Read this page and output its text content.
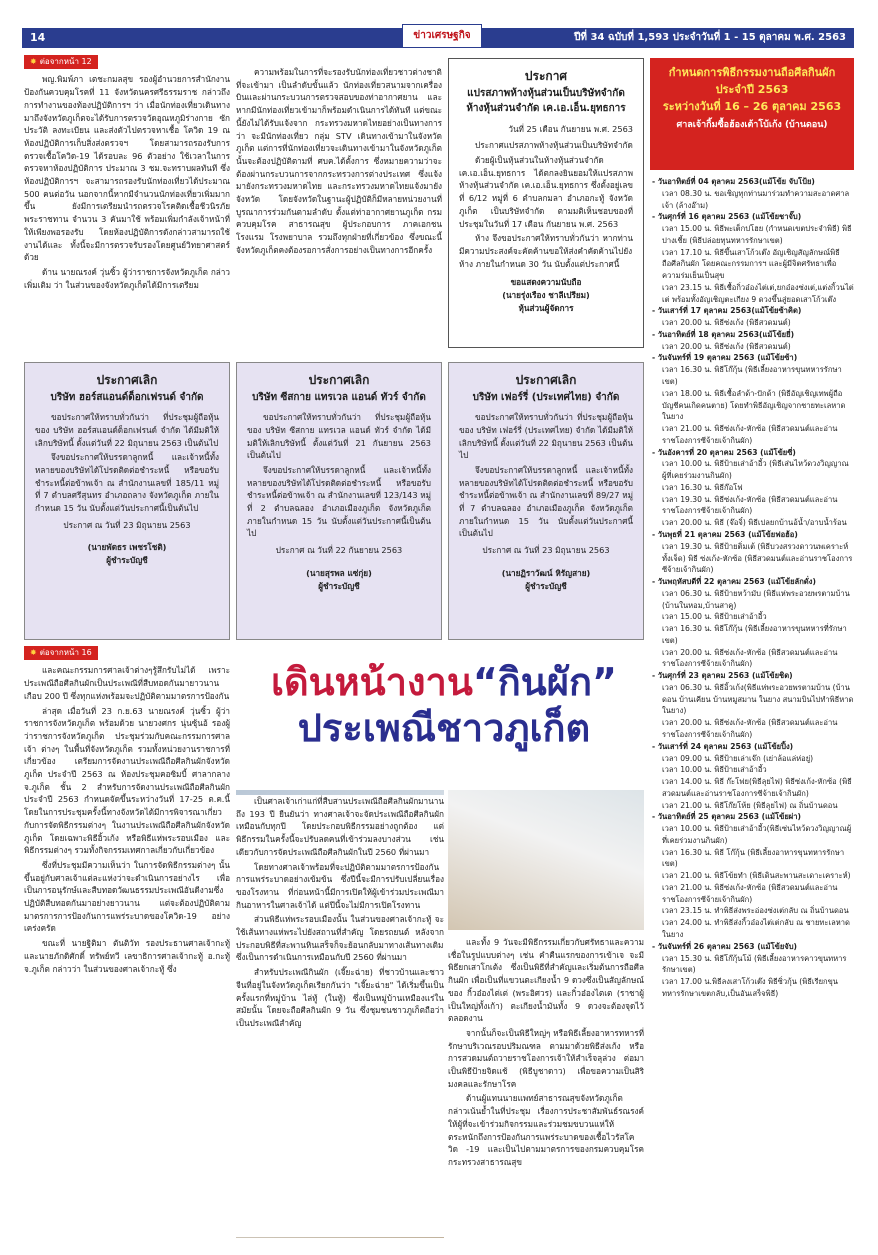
14	ข่าวเศรษฐกิจ	ปีที่ 34 ฉบับที่ 1,593 ประจำวันที่ 1 - 15 ตุลาคม พ.ศ. 2563
✸ ต่อจากหน้า 12

พญ.พิมพ์ภา เตชะกมลสุข รองผู้อำนวยการสำนักงานป้องกันควบคุมโรคที่ 11 จังหวัดนครศรีธรรมราช กล่าวถึงการทำงานของท้องปฏิบัติการฯ ว่า เมื่อนักท่องเที่ยวเดินทางมาถึงจังหวัดภูเก็ตจะได้รับการตรวจวัดอุณหภูมิร่างกาย ซักประวัติ ลงทะเบียน และส่งตัวไปตรวจหาเชื้อ โควิด 19 ณ ห้องปฏิบัติการเก็บสิ่งส่งตรวจฯ โดยสามารถรองรับการตรวจเชื้อโควิด-19 ได้รอบละ 96 ตัวอย่าง ใช้เวลาในการตรวจหาห้องปฏิบัติการ ประมาณ 3 ชม.จะทราบผลทันที ซึ่งห้องปฏิบัติการฯ จะสามารถรองรับนักท่องเที่ยวได้ประมาณ 500 คนต่อวัน นอกจากนี้หากมีจำนวนนักท่องเที่ยวเพิ่มมากขึ้น ยังมีการเตรียมนำรถตรวจโรคติดเชื้อชีวนิรภัยพระราชทาน จำนวน 3 คันมาใช้ พร้อมเพิ่มกำลังเจ้าหน้าที่ให้เพียงพอรองรับ โดยห้องปฏิบัติการดังกล่าวสามารถใช้งานได้และ ทั้งนี้จะมีการตรวจรับรองโดยศูนย์วิทยาศาสตร์ด้วย

ด้าน นายณรงค์ วุ่นซิ้ว ผู้ว่าราชการจังหวัดภูเก็ต กล่าวเพิ่มเติม ว่า ในส่วนของจังหวัดภูเก็ตได้มีการเตรียม

ความพร้อมในการที่จะรองรับนักท่องเที่ยวชาวต่างชาติที่จะเข้ามา เป็นลำดับขั้นแล้ว นักท่องเที่ยวสนามจากเครื่องบินและผ่านกระบวนการตรวจสอบของท่าอากาศยาน และหากมีนักท่องเที่ยวเข้ามาก็พร้อมดำเนินการได้ทันที แต่ขณะนี้ยังไม่ได้รับแจ้งจาก กระทรวงมหาดไทยอย่างเป็นทางการว่า จะมีนักท่องเที่ยว กลุ่ม STV เดินทางเข้ามาในจังหวัดภูเก็ต แต่การที่นักท่องเที่ยวจะเดินทางเข้ามาในจังหวัดภูเก็ตนั้นจะต้องปฏิบัติตามที่ ศบค.ได้ตั้งการ ซึ่งหมายความว่าจะต้องผ่านกระบวนการจากกระทรวงการต่างประเทศ ซึ่งแจ้งมายังกระทรวงมหาดไทย และกระทรวงมหาดไทยแจ้งมายังจังหวัด โดยจังหวัดในฐานะผู้ปฏิบัติก็มีหลายหน่วยงานที่บูรณาการร่วมกันตามลำดับ ตั้งแต่ท่าอากาศยานภูเก็ต กรมควบคุมโรค สาธารณสุข ผู้ประกอบการ ภาคเอกชน โรงแรม โรงพยาบาล รวมถึงทุกฝ่ายที่เกี่ยวข้อง ซึ่งขณะนี้จังหวัดภูเก็ตคงต้องรอการสั่งการอย่างเป็นทางการอีกครั้ง

ประกาศ
แปรสภาพห้างหุ้นส่วนเป็นบริษัทจำกัด
ห้างหุ้นส่วนจำกัด เค.เอ.เอ็น.ยุทธการ
วันที่ 25 เดือน กันยายน พ.ศ. 2563

ประกาศแปรสภาพห้างหุ้นส่วนเป็นบริษัทจำกัด

ด้วยผู้เป็นหุ้นส่วนในห้างหุ้นส่วนจำกัด เค.เอ.เอ็น.ยุทธการ ได้ตกลงยินยอมให้แปรสภาพห้างหุ้นส่วนจำกัด เค.เอ.เอ็น.ยุทธการ ซึ่งตั้งอยู่เลขที่ 6/12 หมู่ที่ 6 ตำบลกมลา อำเภอกะทู้ จังหวัดภูเก็ต เป็นบริษัทจำกัด ตามมติเห็นชอบของที่ประชุมในวันที่ 17 เดือน กันยายน พ.ศ. 2563

ห้าง จึงขอประกาศให้ทราบทั่วกันว่า หากท่านมีความประสงค์จะคัดค้านขอให้ส่งคำคัดค้านไปยังห้าง ภายในกำหนด 30 วัน นับตั้งแต่ประกาศนี้

ขอแสดงความนับถือ
(นายรุ่งเรือง ชาลีเปรียม)
หุ้นส่วนผู้จัดการ
ประกาศเลิก
บริษัท ฮอร์สแอนด์ด็อกเฟรนด์ จำกัด

ขอประกาศให้ทราบทั่วกันว่า ที่ประชุมผู้ถือหุ้นของ บริษัท ฮอร์สแอนด์ด็อกเฟรนด์ จำกัด ได้มีมติให้เลิกบริษัทนี้ ตั้งแต่วันที่ 22 มิถุนายน 2563 เป็นต้นไป

จึงขอประกาศให้บรรดาลูกหนี้ และเจ้าหนี้ทั้งหลายของบริษัทได้โปรดติดต่อชำระหนี้ หรือขอรับชำระหนี้ต่อข้าพเจ้า ณ สำนักงานเลขที่ 185/11 หมู่ที่ 7 ตำบลศรีสุนทร อำเภอถลาง จังหวัดภูเก็ต ภายในกำหนด 15 วัน นับตั้งแต่วันประกาศนี้เป็นต้นไป

ประกาศ ณ วันที่ 23 มิถุนายน 2563
(นายพัดธร เพชรโชติ)
ผู้ชำระบัญชี
ประกาศเลิก
บริษัท ซีสกาย แทรเวล แอนด์ ทัวร์ จำกัด

ขอประกาศให้ทราบทั่วกันว่า ที่ประชุมผู้ถือหุ้นของ บริษัท ซีสกาย แทรเวล แอนด์ ทัวร์ จำกัด ได้มีมติให้เลิกบริษัทนี้ ตั้งแต่วันที่ 21 กันยายน 2563 เป็นต้นไป

จึงขอประกาศให้บรรดาลูกหนี้ และเจ้าหนี้ทั้งหลายของบริษัทได้โปรดติดต่อชำระหนี้ หรือขอรับชำระหนี้ต่อข้าพเจ้า ณ สำนักงานเลขที่ 123/143 หมู่ที่ 2 ตำบลฉลอง อำเภอเมืองภูเก็ต จังหวัดภูเก็ต ภายในกำหนด 15 วัน นับตั้งแต่วันประกาศนี้เป็นต้นไป

ประกาศ ณ วันที่ 22 กันยายน 2563
(นายสุรพล แซ่กุ่ย)
ผู้ชำระบัญชี
ประกาศเลิก
บริษัท เฟอร์รี่ (ประเทศไทย) จำกัด

ขอประกาศให้ทราบทั่วกันว่า ที่ประชุมผู้ถือหุ้นของ บริษัท เฟอร์รี่ (ประเทศไทย) จำกัด ได้มีมติให้เลิกบริษัทนี้ ตั้งแต่วันที่ 22 มิถุนายน 2563 เป็นต้นไป

จึงขอประกาศให้บรรดาลูกหนี้ และเจ้าหนี้ทั้งหลายของบริษัทได้โปรดติดต่อชำระหนี้ หรือขอรับชำระหนี้ต่อข้าพเจ้า ณ สำนักงานเลขที่ 89/27 หมู่ที่ 7 ตำบลฉลอง อำเภอเมืองภูเก็ต จังหวัดภูเก็ต ภายในกำหนด 15 วัน นับตั้งแต่วันประกาศนี้เป็นต้นไป

ประกาศ ณ วันที่ 23 มิถุนายน 2563
(นายฏิราวัฒน์ หิรัญสาย)
ผู้ชำระบัญชี
กำหนดการพิธีกรรมงานถือศีลกินผัก
ประจำปี 2563
ระหว่างวันที่ 16 – 26 ตุลาคม 2563
ศาลเจ้ากิ้มซื้อฮ้องเต้าโบ้เก้ง (บ้านดอน)
- วันอาทิตย์ที่ 04 ตุลาคม 2563(แม้โข้ย จับโป้ย)
เวลา 08.30 น. ขอเชิญทุกท่านมาร่วมทำความสะอาดศาลเจ้า (ล้างอ๊าม)
- วันศุกร์ที่ 16 ตุลาคม 2563 (แม้โข้ยชาจั๊บ)
เวลา 15.00 น. พิธีพะเต็กปโฮย (กำหนดเขตประจำพิธี) พิธีปางเชี้ย (พิธีปล่อยทุนทหารรักษาเขต)
เวลา 17.10 น. พิธีขึ้นเสาโก้วเต๊ง อัญเชิญสัญลักษณ์พิธีถือศีลกินผัก โดยคณะกรรมการฯ และผู้มีจิตศรัทธาเพื่อความร่มเย็นเป็นสุข
เวลา 23.15 น. พิธีเชื้อกิ่วอ๋องไต่เต่,ยกอ๋องซ่งเต่,แต่งกิ้วนไต่เต่ พร้อมทั้งอัญเชิญตะเกียง 9 ดวงขึ้นสู่ยอดเสาโก้วเต๊ง
- วันเสาร์ที่ 17 ตุลาคม 2563(แม้โข้ยซ้าคิด)
เวลา 20.00 น. พิธีซ่งเก้ง (พิธีสวดมนต์)
- วันอาทิตย์ที่ 18 ตุลาคม 2563(แม้โข้ยยี่)
เวลา 20.00 น. พิธีซ่งเก้ง (พิธีสวดมนต์)
- วันจันทร์ที่ 19 ตุลาคม 2563 (แม้โข้ยซ้า)
เวลา 16.30 น. พิธีโก๊กุ้น (พิธีเลี้ยงอาหารขุนทหารรักษาเขต)
เวลา 18.00 น. พิธีเชื้อลำด้า-ปักด้า (พิธีอัญเชิญเทพผู้ถือบัญชีคนเกิดคนตาย) โดยทำพิธีอัญเชิญจากชายทะเลหาดในยาง
เวลา 21.00 น. พิธีซ่งเก้ง-หักซ้อ (พิธีสวดมนต์และอ่านราชโองการซีจ้ายเจ้ากินผัก)
- วันอังคารที่ 20 ตุลาคม 2563 (แม้โข้ยซี่)
เวลา 10.00 น. พิธีป้ายเส่าอ้าอี้ว (พิธีเส่นไหว้ดวงวิญญาณ ผู้ที่เคยร่วมงานกินผัก)
เวลา 16.30 น. พิธีก๊อโฟ
เวลา 19.30 น. พิธีซ่งเก้ง-หักซ้อ (พิธีสวดมนต์และอ่านราชโองการซีจ้ายเจ้ากินผัก)
เวลา 20.00 น. พิธี (จ๊อจิ๋) พิธีเปลยกบ้านอ้น้ำ/อาบน้ำร้อน
- วันพุธที่ 21 ตุลาคม 2563 (แม้โข้ยฟอฮ้อ)
เวลา 19.30 น. พิธีป้ายติ่มเต้ (พิธีบวงสรวงดาวนพเคราะห์ทั้งเจ็ด) พิธี ซ่งเก้ง-หักซ้อ (พิธีสวดมนต์และอ่านราชโองการซีจ้ายเจ้ากินผัก)
- วันพฤหัสบดีที่ 22 ตุลาคม 2563 (แม้โข้ยลักดั่ง)
เวลา 06.30 น. พิธีป้ายหว้ามับ (พิธีแห่พระอวยพรตามบ้าน (บ้านในหอม,บ้านสาคู)
เวลา 15.00 น. พิธีป้ายเส่าอ้าอี้ว
เวลา 16.30 น. พิธีโก๊กุ้น (พิธีเลี้ยงอาหารขุนทหารที่รักษาเขต)
เวลา 20.00 น. พิธีซ่งเก้ง-หักซ้อ (พิธีสวดมนต์และอ่านราชโองการซีจ้ายเจ้ากินผัก)
- วันศุกร์ที่ 23 ตุลาคม 2563 (แม้โข้ยชิด)
เวลา 06.30 น. พิธีอิ้วเก้ง(พิธีแห่พระอวยพรตามบ้าน (บ้านดอน บ้านเคียน บ้านหมูสมาน ในยาง สนามบินไปทำพิธีหาดในยาง)
เวลา 20.00 น. พิธีซ่งเก้ง-หักซ้อ (พิธีสวดมนต์และอ่านราชโองการซีจ้ายเจ้ากินผัก)
- วันเสาร์ที่ 24 ตุลาคม 2563 (แม้โข้ยปิ้ง)
เวลา 09.00 น. พิธีป้ายเล่าเจ๊ก (เย่าล้อแล่ห่อยู่)
เวลา 10.00 น. พิธีป้ายเส่าอ้าอี้ว
เวลา 14.00 น. พิธี ก๊ะโฟย(พิธีลุยไฟ) พิธีซ่งเก้ง-หักซ้อ (พิธีสวดมนต์และอ่านราชโองการซีจ้ายเจ้ากินผัก)
เวลา 21.00 น. พิธีโก๊ยโห้ย (พิธีลุยไฟ) ณ ถิ่นบ้านดอน
- วันอาทิตย์ที่ 25 ตุลาคม 2563 (แม้โข้ยผ่า)
เวลา 10.00 น. พิธีป้ายเส่าอ้าอี้ว(พิธีเซ่นไหว้ดวงวิญญาณผู้ที่เคยร่วมงานกินผัก)
เวลา 16.30 น. พิธี โก๊กุ้น (พิธีเลี้ยงอาหารขุนทหารรักษาเขต)
เวลา 21.00 น. พิธีโข้ยทำ (พิธีเดินสะพานสะเดาะเคราะห์)
เวลา 21.00 น. พิธีซ่งเก้ง-หักซ้อ (พิธีสวดมนต์และอ่านราชโองการซีจ้ายเจ้ากินผัก)
เวลา 23.15 น. ทำพิธีส่งพระอ่องซ่งเต่กลับ ณ ถิ่นบ้านดอน
เวลา 24.00 น. ทำพิธีส่งกิ้วอ๋องไต่เต่กลับ ณ ชายทะเลหาดในยาง
- วันจันทร์ที่ 26 ตุลาคม 2563 (แม้โข้ยจับ)
เวลา 15.30 น. พิธีโก๊กุ้นโม้ (พิธีเลี้ยงอาหารคาวขุนทหารรักษาเขต)
เวลา 17.00 น.พิธีลงเสาโก้วเต๊ง พิธีซิ่วกุ้น (พิธีเรียกขุนทหารรักษาเขตกลับ,เป็นอันเสร็จพิธี)
✸ ต่อจากหน้า 16

และคณะกรรมการศาลเจ้าต่างๆรู้สึกรับไม่ได้ เพราะประเพณีถือศีลกินผักเป็นประเพณีที่สืบทอดกันมายาวนานเกือบ 200 ปี ซึ่งทุกแห่งพร้อมจะปฏิบัติตามมาตรการป้องกัน

ล่าสุด เมื่อวันที่ 23 ก.ย.63 นายณรงค์ วุ่นซิ้ว ผู้ว่าราชการจังหวัดภูเก็ต พร้อมด้วย นายวงศกร นุ่นซุ้นอ้ รองผู้ว่าราชการจังหวัดภูเก็ต ประชุมร่วมกับคณะกรรมการศาลเจ้า ต่างๆ ในพื้นที่จังหวัดภูเก็ต รวมทั้งหน่วยงานราชการที่เกี่ยวข้อง เตรียมการจัดงานประเพณีถือศีลกินผักจังหวัดภูเก็ต ประจำปี 2563 ณ ห้องประชุมคอซิมบี้ ศาลากลาง จ.ภูเก็ต ชั้น 2 สำหรับการจัดงานประเพณีถือศีลกินผักประจำปี 2563 กำหนดจัดขึ้นระหว่างวันที่ 17-25 ต.ค.นี้ โดยในการประชุมครั้งนี้ทางจังหวัดได้มีการพิจารณาเกี่ยวกับการจัดพิธีกรรมต่างๆ ในงานประเพณีถือศีลกินผักจังหวัดภูเก็ต โดยเฉพาะพิธีอิ้วเก้ง หรือพิธีแห่พระรอบเมือง และพิธีกรรมต่างๆ รวมทั้งกิจกรรมเทศกาลเกี่ยวกับเกี่ยวข้อง

ซึ่งที่ประชุมมีความเห็นว่า ในการจัดพิธีกรรมต่างๆ นั้นขึ้นอยู่กับศาลเจ้าแต่ละแห่งว่าจะดำเนินการอย่างไร เพื่อเป็นการอนุรักษ์และสืบทอดวัฒนธรรมประเพณีอันดีงามซึ่งปฏิบัติสืบทอดกันมาอย่างยาวนาน แต่จะต้องปฏิบัติตามมาตรการการป้องกันการแพร่ระบาดของโควิด-19 อย่างเคร่งครัด

ขณะที่ นายฐิติมา ตันติวัท รองประธานศาลเจ้ากะทู้ และนายภักดิศักดิ์ ทรัพย์ทวี เลขาธิการศาลเจ้ากะทู้ อ.กะทู้ จ.ภูเก็ต กล่าวว่า ในส่วนของศาลเจ้ากะทู้ ซึ่ง

เดินหน้างาน“กินผัก”
ประเพณีชาวภูเก็ต

เป็นศาลเจ้าเก่าแก่ที่สืบสานประเพณีถือศีลกินผักมานานถึง 193 ปี ยืนยันว่า ทางศาลเจ้าจะจัดประเพณีถือศีลกินผักเหมือนกับทุกปี โดยประกอบพิธีกรรมอย่างถูกต้อง แต่พิธีกรรมในครั้งนี้จะปรับลดคนที่เข้าร่วมลงบางส่วน เช่นเดียวกับการจัดประเพณีถือศีลกินผักในปี 2560 ที่ผ่านมา

โดยทางศาลเจ้าพร้อมที่จะปฏิบัติตามมาตรการป้องกันการแพร่ระบาดอย่างเข้มข้น ซึ่งปีนี้จะมีการปรับเปลี่ยนเรื่องของโรงทาน ที่ก่อนหน้านี้มีการเปิดให้ผู้เข้าร่วมประเพณีมากินอาหารในศาลเจ้าได้ แต่ปีนี้จะไม่มีการเปิดโรงทาน

ส่วนพิธีแห่พระรอบเมืองนั้น ในส่วนของศาลเจ้ากะทู้ จะใช้เส้นทางแห่พระไปยังสถานที่สำคัญ โดยรถยนต์ หลังจากประกอบพิธีที่สะพานหินเสร็จก็จะย้อนกลับมาทางเส้นทางเดิม ซึ่งเป็นการดำเนินการเหมือนกับปี 2560 ที่ผ่านมา

สำหรับประเพณีกินผัก (เจี๊ยะฉ่าย) ที่ชาวบ้านและชาวจีนที่อยู่ในจังหวัดภูเก็ตเรียกกันว่า "เจี๊ยะฉ่าย" ได้เริ่มขึ้นเป็นครั้งแรกที่หมู่บ้าน ไล่ทู้ (ในทู้) ซึ่งเป็นหมู่บ้านเหมืองแร่ในสมัยนั้น โดยจะถือศีลกินผัก 9 วัน ซึ่งชุมชนชาวภูเก็ตถือว่าเป็นประเพณีสำคัญ

และทั้ง 9 วันจะมีพิธีกรรมเกี่ยวกับศรัทธาและความเชื่อในรูปแบบต่างๆ เช่น คำคืนแรกของการเข้าเจ จะมีพิธียกเสาโกเต้ง ซึ่งเป็นพิธีที่สำคัญและเริ่มต้นการถือศีลกินผัก เพื่อเป็นที่แขวนตะเกียงน้ำ 9 ดวงซึ่งเป็นสัญลักษณ์ของ กิ้วอ๋องไต่เต่ (พระอิศวร) และกิ๋วอ๋องไตเต (ราชาผู้เป็นใหญ่ทั้งเก้า) ตะเกียงน้ำมันทั้ง 9 ดวงจะต้องจุดไว้ตลอดงาน

จากนั้นก็จะเป็นพิธีใหญ่ๆ หรือพิธีเลี้ยงอาหารทหารที่รักษาบริเวณรอบปริมณฑล ตามมาด้วยพิธีส่งเก้ง หรือการสวดมนต์ถวายราชโองการเจ้าให้สำเร็จลุล่วง ต่อมาเป็นพิธีป้ายจิดแช้ (พิธีบูชาดาว) เพื่อขอความเป็นสิริมงคลและรักษาโรค

ด้านผู้แทนนายแพทย์สาธารณสุขจังหวัดภูเก็ต กล่าวเน้นย้ำในที่ประชุม เรื่องการประชาสัมพันธ์รณรงค์ให้ผู้ที่จะเข้าร่วมกิจกรรมและร่วมชมขบวนแห่ให้ตระหนักถึงการป้องกันการแพร่ระบาดของเชื้อไวรัสโควิด -19 และเป็นไปตามมาตรการของกรมควบคุมโรค กระทรวงสาธารณสุข
